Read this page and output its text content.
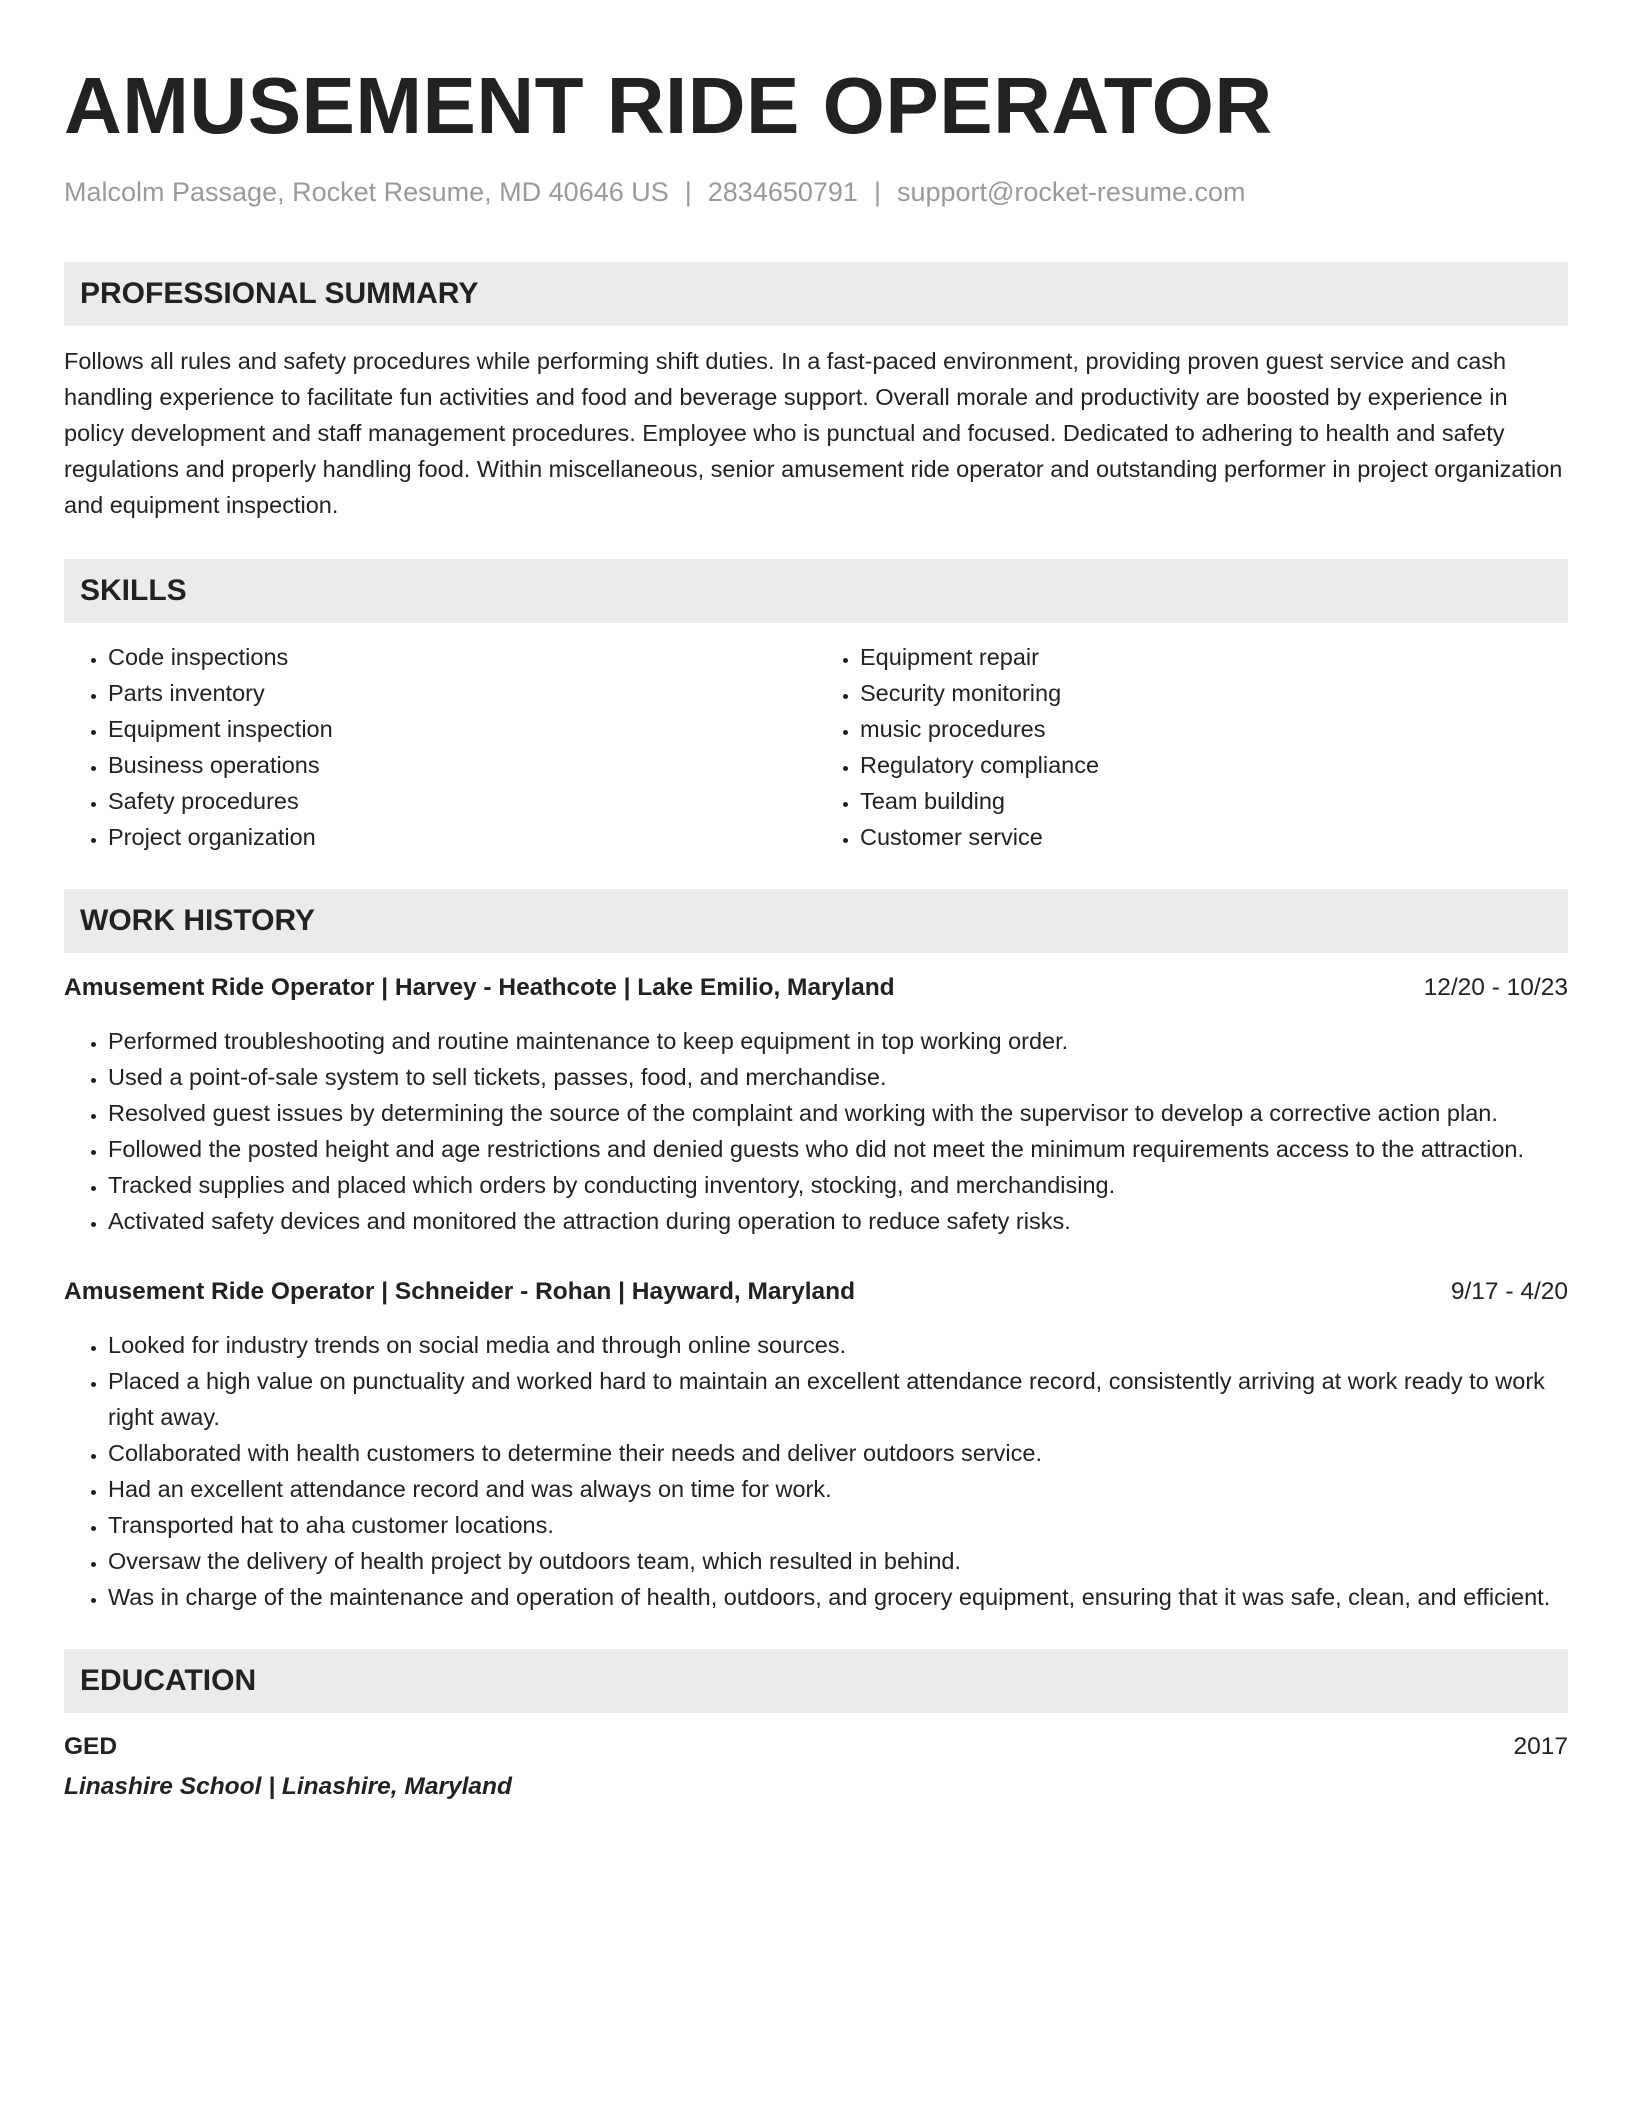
AMUSEMENT RIDE OPERATOR
Malcolm Passage, Rocket Resume, MD 40646 US | 2834650791 | support@rocket-resume.com
PROFESSIONAL SUMMARY

Follows all rules and safety procedures while performing shift duties. In a fast-paced environment, providing proven guest service and cash handling experience to facilitate fun activities and food and beverage support. Overall morale and productivity are boosted by experience in policy development and staff management procedures. Employee who is punctual and focused. Dedicated to adhering to health and safety regulations and properly handling food. Within miscellaneous, senior amusement ride operator and outstanding performer in project organization and equipment inspection.

SKILLS
• Code inspections
• Parts inventory
• Equipment inspection
• Business operations
• Safety procedures
• Project organization
• Equipment repair
• Security monitoring
• music procedures
• Regulatory compliance
• Team building
• Customer service
WORK HISTORY
Amusement Ride Operator | Harvey - Heathcote | Lake Emilio, Maryland	12/20 - 10/23
• Performed troubleshooting and routine maintenance to keep equipment in top working order.
• Used a point-of-sale system to sell tickets, passes, food, and merchandise.
• Resolved guest issues by determining the source of the complaint and working with the supervisor to develop a corrective action plan.
• Followed the posted height and age restrictions and denied guests who did not meet the minimum requirements access to the attraction.
• Tracked supplies and placed which orders by conducting inventory, stocking, and merchandising.
• Activated safety devices and monitored the attraction during operation to reduce safety risks.
Amusement Ride Operator | Schneider - Rohan | Hayward, Maryland	9/17 - 4/20
• Looked for industry trends on social media and through online sources.
• Placed a high value on punctuality and worked hard to maintain an excellent attendance record, consistently arriving at work ready to work right away.
• Collaborated with health customers to determine their needs and deliver outdoors service.
• Had an excellent attendance record and was always on time for work.
• Transported hat to aha customer locations.
• Oversaw the delivery of health project by outdoors team, which resulted in behind.
• Was in charge of the maintenance and operation of health, outdoors, and grocery equipment, ensuring that it was safe, clean, and efficient.
EDUCATION
GED	2017
Linashire School | Linashire, Maryland
